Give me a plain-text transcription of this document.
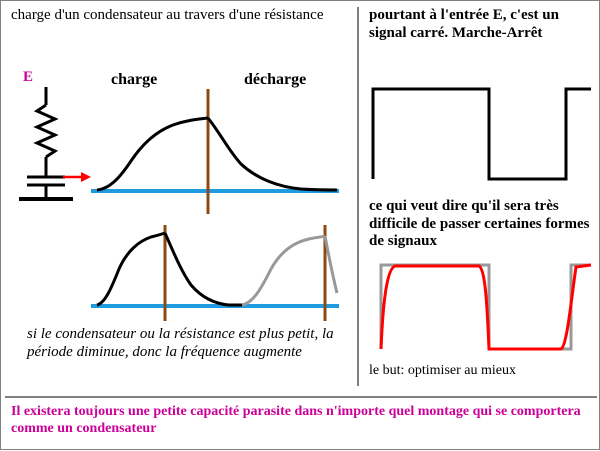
charge d'un condensateur au travers d'une résistance
E	charge	décharge
si le condensateur ou la résistance est plus petit, la période diminue, donc la fréquence augmente
pourtant à l'entrée E, c'est un signal carré. Marche-Arrêt
ce qui veut dire qu'il sera très difficile de passer certaines formes de signaux
le but: optimiser au mieux
Il existera toujours une petite capacité parasite dans n'importe quel montage qui se comportera comme un condensateur
